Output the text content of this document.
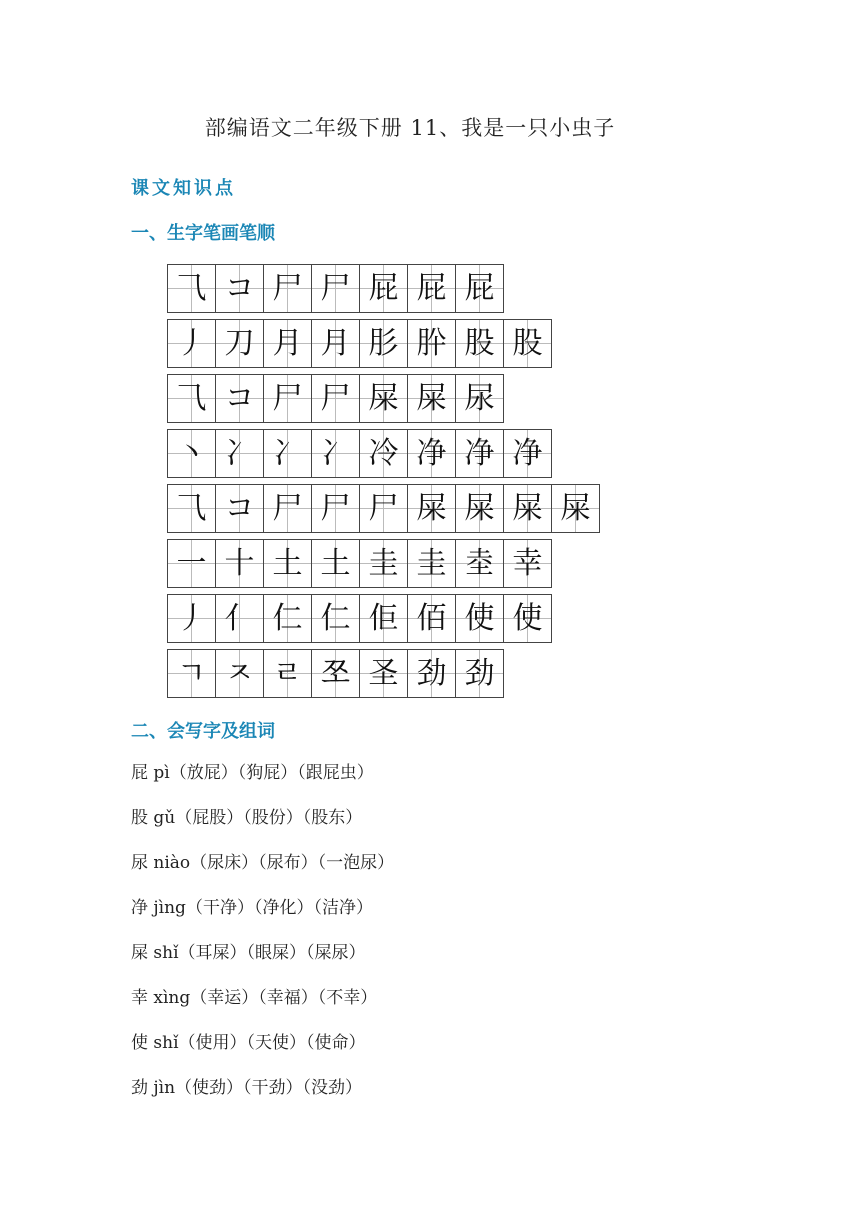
部编语文二年级下册 11、我是一只小虫子
课文知识点
一、生字笔画笔顺
⺄ コ 尸 尸 屁 屁 屁
丿 刀 月 月 肜 肸 股 股
⺄ コ 尸 尸 屎 屎 尿
丶 冫 冫 冫 冷 净 净 净
⺄ コ 尸 尸 尸 屎 屎 屎 屎
一 十 土 土 圭 圭 坴 幸
丿 亻 仁 仁 佢 佰 使 使
ㄱ ㅈ ㄹ 쪼 圣 劲 劲
二、会写字及组词
屁 pì（放屁）（狗屁）（跟屁虫）
股 gǔ（屁股）（股份）（股东）
尿 niào（尿床）（尿布）（一泡尿）
净 jìng（干净）（净化）（洁净）
屎 shǐ（耳屎）（眼屎）（屎尿）
幸 xìng（幸运）（幸福）（不幸）
使 shǐ（使用）（天使）（使命）
劲 jìn（使劲）（干劲）（没劲）
